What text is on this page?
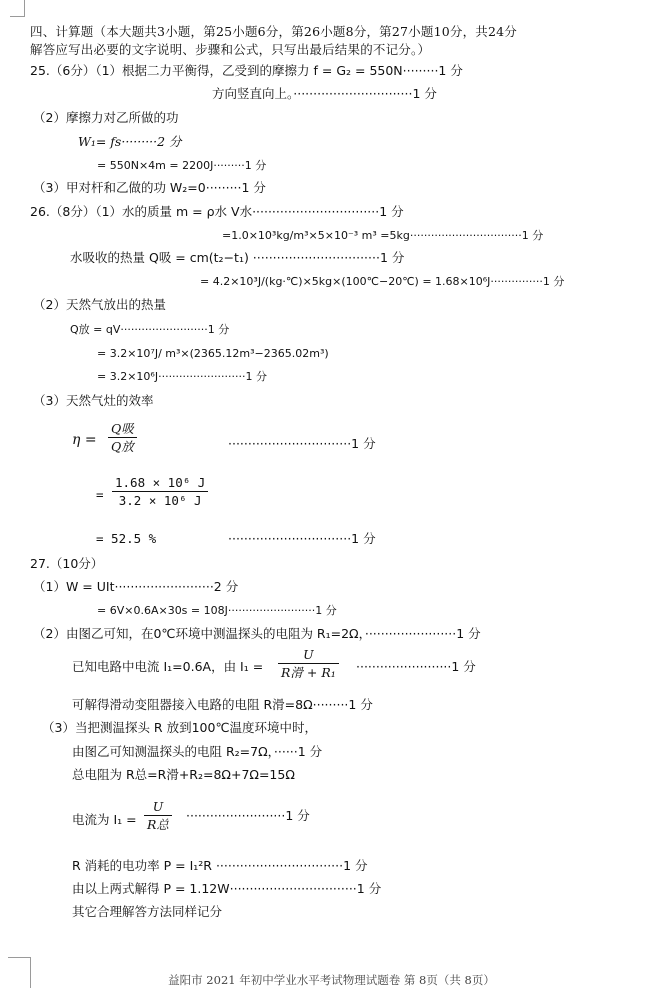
四、计算题（本大题共3小题，第25小题6分，第26小题8分，第27小题10分，共24分
解答应写出必要的文字说明、步骤和公式，只写出最后结果的不记分。）
25.（6分）（1）根据二力平衡得，乙受到的摩擦力 f = G₂ = 550N·········1 分
方向竖直向上。······························1 分
（2）摩擦力对乙所做的功
W₁= fs·········2 分
= 550N×4m = 2200J·········1 分
（3）甲对杆和乙做的功 W₂=0·········1 分
26.（8分）（1）水的质量 m = ρ水 V水································1 分
=1.0×10³kg/m³×5×10⁻³ m³ =5kg································1 分
水吸收的热量 Q吸 = cm(t₂−t₁) ································1 分
= 4.2×10³J/(kg·℃)×5kg×(100℃−20℃) = 1.68×10⁶J···············1 分
（2）天然气放出的热量
Q放 = qV·························1 分
= 3.2×10⁷J/ m³×(2365.12m³−2365.02m³)
= 3.2×10⁶J·························1 分
（3）天然气灶的效率
η =
Q吸
Q放	·······························1 分
=
1.68 × 10⁶ J
3.2 × 10⁶ J
= 52.5 %	·······························1 分
27.（10分）
（1）W = UIt·························2 分
= 6V×0.6A×30s = 108J·························1 分
（2）由图乙可知，在0℃环境中测温探头的电阻为 R₁=2Ω，·······················1 分
已知电路中电流 I₁=0.6A，由 I₁ =
U
R滑 + R₁ ························1 分
可解得滑动变阻器接入电路的电阻 R滑=8Ω·········1 分
（3）当把测温探头 R 放到100℃温度环境中时，
由图乙可知测温探头的电阻 R₂=7Ω，······1 分
总电阻为 R总=R滑+R₂=8Ω+7Ω=15Ω
电流为 I₁ =
U
R总
·························1 分
R 消耗的电功率 P = I₁²R ································1 分
由以上两式解得 P = 1.12W································1 分
其它合理解答方法同样记分
益阳市 2021 年初中学业水平考试物理试题卷 第 8页（共 8页）
